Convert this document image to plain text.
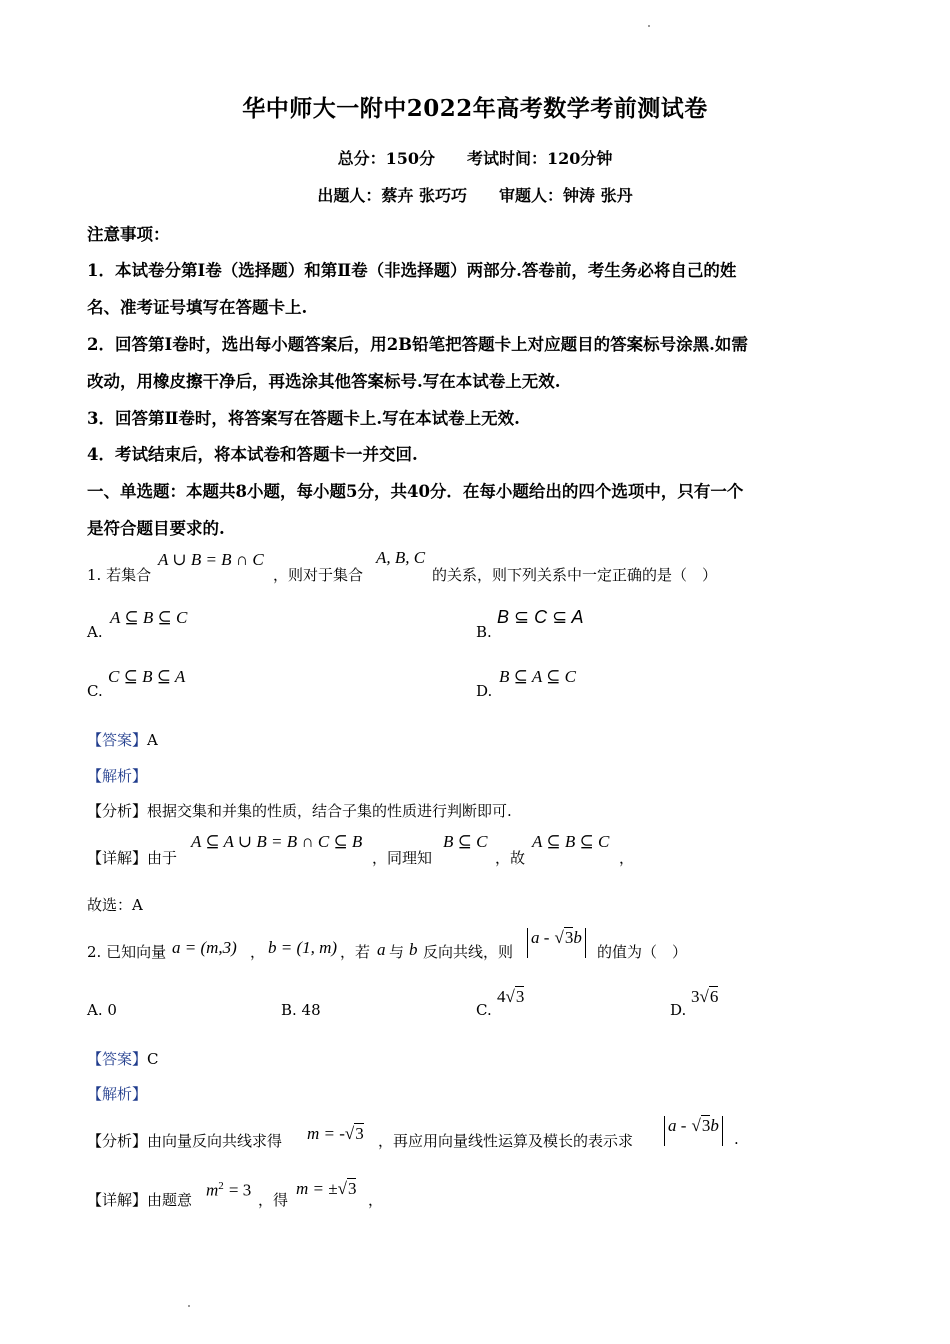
华中师大一附中2022年高考数学考前测试卷
总分：150分　　考试时间：120分钟
出题人：蔡卉 张巧巧　　审题人：钟涛 张丹
注意事项：
1．本试卷分第Ⅰ卷（选择题）和第Ⅱ卷（非选择题）两部分.答卷前，考生务必将自己的姓
名、准考证号填写在答题卡上.
2．回答第Ⅰ卷时，选出每小题答案后，用2B铅笔把答题卡上对应题目的答案标号涂黑.如需
改动，用橡皮擦干净后，再选涂其他答案标号.写在本试卷上无效.
3．回答第Ⅱ卷时，将答案写在答题卡上.写在本试卷上无效.
4．考试结束后，将本试卷和答题卡一并交回.
一、单选题：本题共8小题，每小题5分，共40分．在每小题给出的四个选项中，只有一个
是符合题目要求的.
1. 若集合
A ∪ B = B ∩ C
，则对于集合
A, B, C
的关系，则下列关系中一定正确的是（　）
A.
A ⊆ B ⊆ C
B.
B ⊆ C ⊆ A
C.
C ⊆ B ⊆ A
D.
B ⊆ A ⊆ C
【答案】A
【解析】
【分析】根据交集和并集的性质，结合子集的性质进行判断即可.
【详解】由于
A ⊆ A ∪ B = B ∩ C ⊆ B
，同理知
B ⊆ C
，故
A ⊆ B ⊆ C
，
故选：A
2. 已知向量 a = (m,3) ， b = (1, m) ，若 a 与 b 反向共线，则
a - √3b
的值为（　）
A. 0	B. 48	C.
4√3
D.
3√6
【答案】C
【解析】
【分析】由向量反向共线求得 m = -√3 ，再应用向量线性运算及模长的表示求
a - √3b
.
【详解】由题意
$m^2 = 3$
，得
m = ±√3
，
